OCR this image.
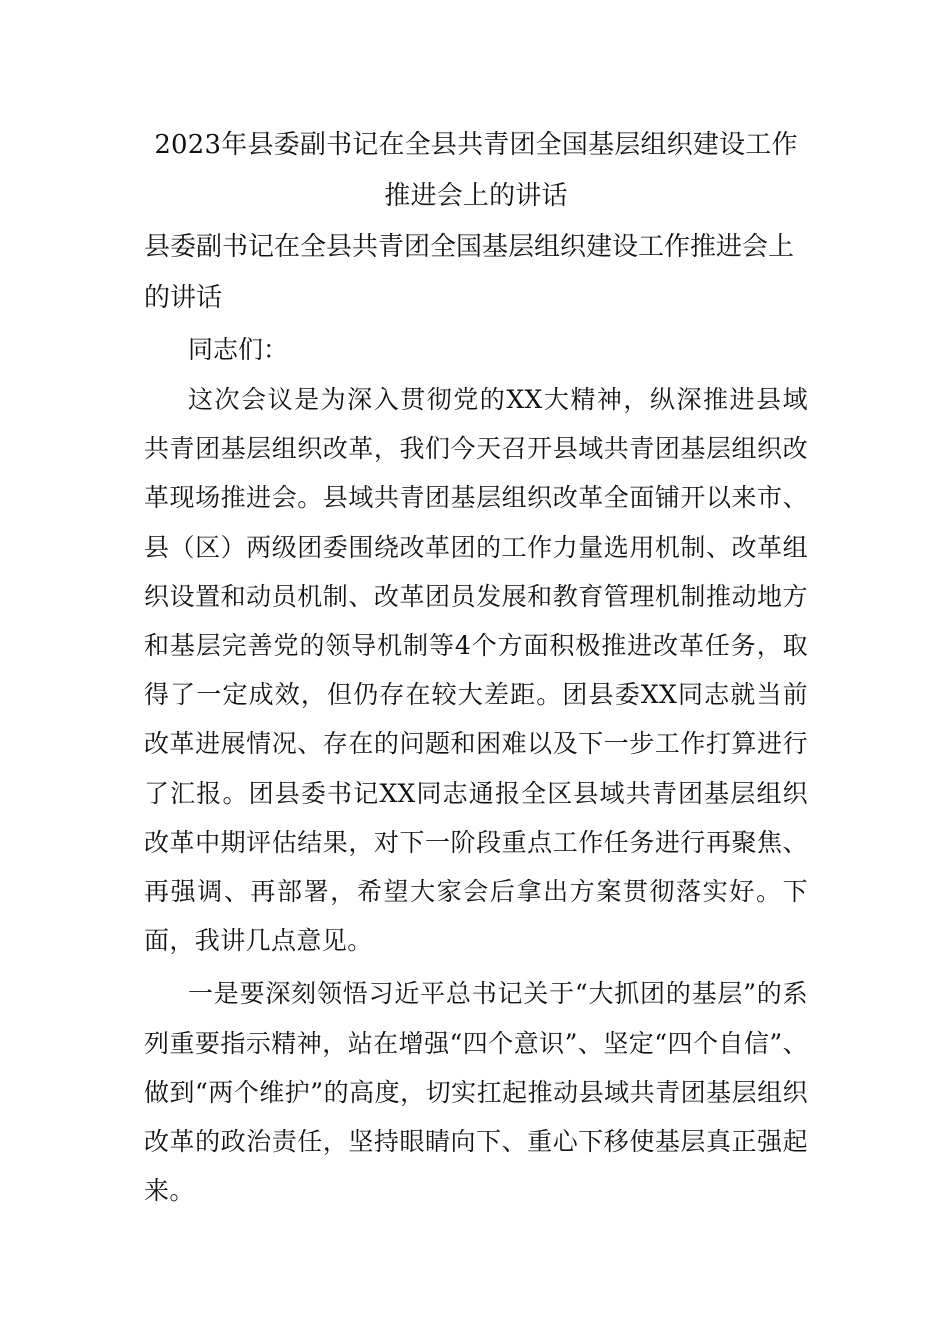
2023年县委副书记在全县共青团全国基层组织建设工作推进会上的讲话

县委副书记在全县共青团全国基层组织建设工作推进会上的讲话

同志们：

这次会议是为深入贯彻党的XX大精神，纵深推进县域共青团基层组织改革，我们今天召开县域共青团基层组织改革现场推进会。县域共青团基层组织改革全面铺开以来市、县（区）两级团委围绕改革团的工作力量选用机制、改革组织设置和动员机制、改革团员发展和教育管理机制推动地方和基层完善党的领导机制等4个方面积极推进改革任务，取得了一定成效，但仍存在较大差距。团县委XX同志就当前改革进展情况、存在的问题和困难以及下一步工作打算进行了汇报。团县委书记XX同志通报全区县域共青团基层组织改革中期评估结果，对下一阶段重点工作任务进行再聚焦、再强调、再部署，希望大家会后拿出方案贯彻落实好。下面，我讲几点意见。

一是要深刻领悟习近平总书记关于“大抓团的基层”的系列重要指示精神，站在增强“四个意识”、坚定“四个自信”、做到“两个维护”的高度，切实扛起推动县域共青团基层组织改革的政治责任，坚持眼睛向下、重心下移使基层真正强起来。
